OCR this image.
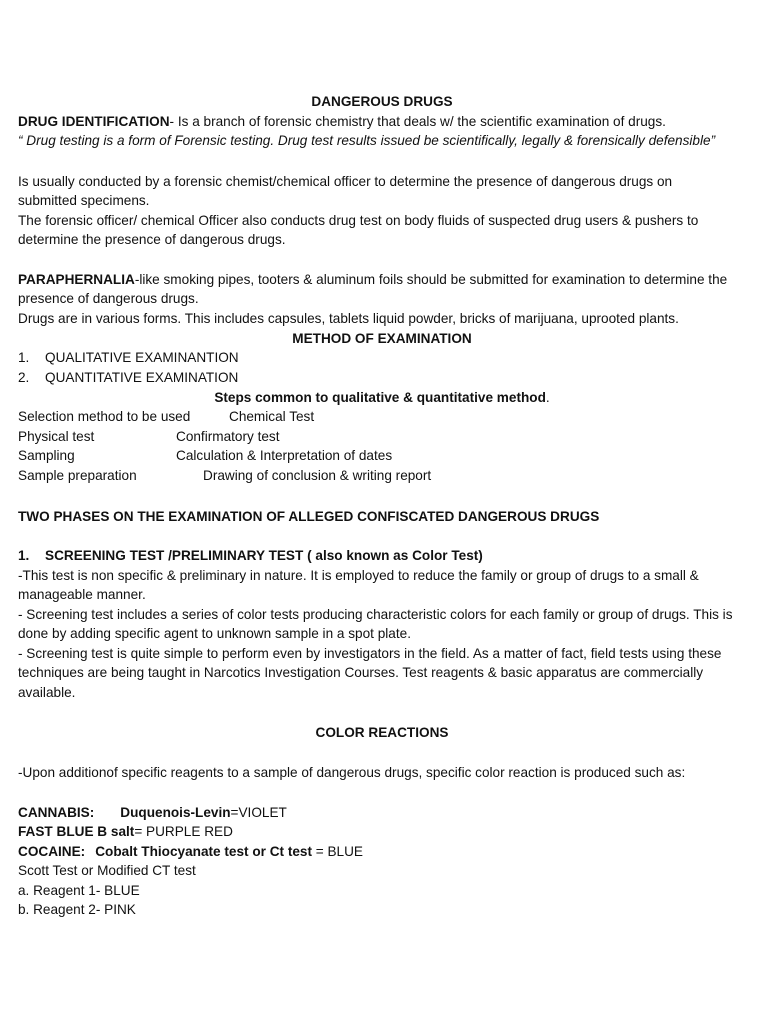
DANGEROUS DRUGS
DRUG IDENTIFICATION- Is a branch of forensic chemistry that deals w/ the scientific examination of drugs.
“ Drug testing is a form of Forensic testing. Drug test results issued be scientifically, legally & forensically defensible”
Is usually conducted by a forensic chemist/chemical officer to determine the presence of dangerous drugs on
submitted specimens.
The forensic officer/ chemical Officer also conducts drug test on body fluids of suspected drug users & pushers to
determine the presence of dangerous drugs.
PARAPHERNALIA-like smoking pipes, tooters & aluminum foils should be submitted for examination to determine the
presence of dangerous drugs.
Drugs are in various forms. This includes capsules, tablets liquid powder, bricks of marijuana, uprooted plants.
METHOD OF EXAMINATION
1. QUALITATIVE EXAMINANTION
2. QUANTITATIVE EXAMINATION
Steps common to qualitative & quantitative method.
Selection method to be used	Chemical Test
Physical test	Confirmatory test
Sampling	Calculation & Interpretation of dates
Sample preparation	Drawing of conclusion & writing report
TWO PHASES ON THE EXAMINATION OF ALLEGED CONFISCATED DANGEROUS DRUGS
1. SCREENING TEST /PRELIMINARY TEST ( also known as Color Test)
-This test is non specific & preliminary in nature. It is employed to reduce the family or group of drugs to a small &
manageable manner.
- Screening test includes a series of color tests producing characteristic colors for each family or group of drugs. This is
done by adding specific agent to unknown sample in a spot plate.
- Screening test is quite simple to perform even by investigators in the field. As a matter of fact, field tests using these
techniques are being taught in Narcotics Investigation Courses. Test reagents & basic apparatus are commercially
available.
COLOR REACTIONS
-Upon additionof specific reagents to a sample of dangerous drugs, specific color reaction is produced such as:
CANNABIS: Duquenois-Levin=VIOLET
FAST BLUE B salt= PURPLE RED
COCAINE: Cobalt Thiocyanate test or Ct test = BLUE
Scott Test or Modified CT test
a. Reagent 1- BLUE
b. Reagent 2- PINK
